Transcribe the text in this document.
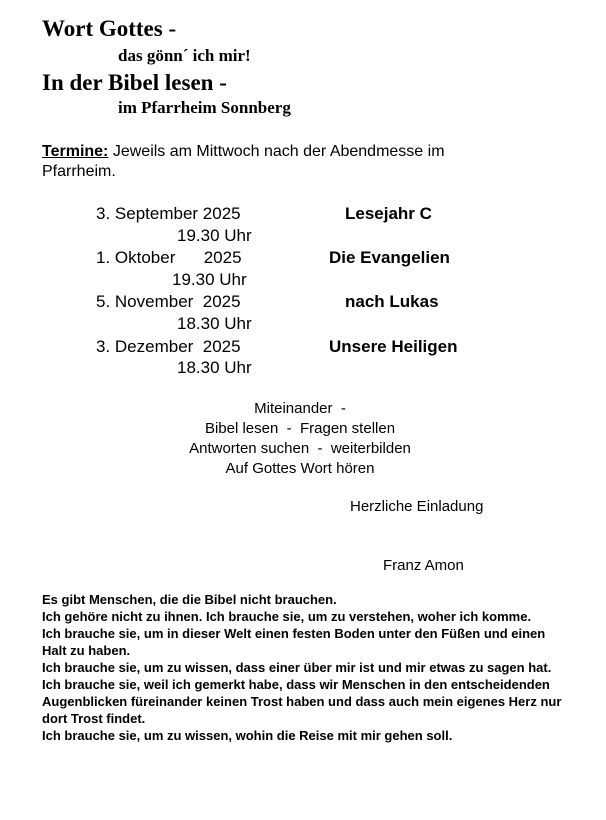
Wort Gottes -
das gönn´ ich mir!
In der Bibel lesen -
im Pfarrheim Sonnberg
Termine: Jeweils am Mittwoch nach der Abendmesse im
Pfarrheim.
3. September 2025
19.30 Uhr
Lesejahr C
1. Oktober      2025
19.30 Uhr
Die Evangelien
5. November  2025
18.30 Uhr
nach Lukas
3. Dezember  2025
18.30 Uhr
Unsere Heiligen
Miteinander  -
Bibel lesen  -  Fragen stellen
Antworten suchen  -  weiterbilden
Auf Gottes Wort hören
Herzliche Einladung
Franz Amon

Es gibt Menschen, die die Bibel nicht brauchen.

Ich gehöre nicht zu ihnen. Ich brauche sie, um zu verstehen, woher ich komme.

Ich brauche sie, um in dieser Welt einen festen Boden unter den Füßen und einen Halt zu haben.

Ich brauche sie, um zu wissen, dass einer über mir ist und mir etwas zu sagen hat.

Ich brauche sie, weil ich gemerkt habe, dass wir Menschen in den entscheidenden Augenblicken füreinander keinen Trost haben und dass auch mein eigenes Herz nur dort Trost findet.

Ich brauche sie, um zu wissen, wohin die Reise mit mir gehen soll.
